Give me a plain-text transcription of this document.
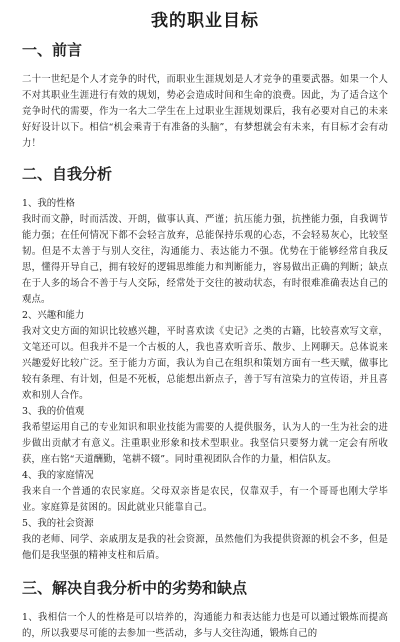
我的职业目标
一、前言

二十一世纪是个人才竞争的时代，而职业生涯规划是人才竞争的重要武器。如果一个人不对其职业生涯进行有效的规划，势必会造成时间和生命的浪费。因此，为了适合这个竞争时代的需要，作为一名大二学生在上过职业生涯规划课后，我有必要对自己的未来好好设计以下。相信“机会乘青于有准备的头脑”，有梦想就会有未来，有目标才会有动力！

二、自我分析

1、我的性格

我时而文静，时而活泼、开朗，做事认真、严谨；抗压能力强，抗挫能力强，自我调节能力强；在任何情况下都不会轻言放弃，总能保持乐观的心态，不会轻易灰心，比较坚韧。但是不太善于与别人交往，沟通能力、表达能力不强。优势在于能够经常自我反思，懂得开导自己，拥有较好的逻辑思维能力和判断能力，容易做出正确的判断；缺点在于人多的场合不善于与人交际，经常处于交往的被动状态，有时很难准确表达自己的观点。

2、兴趣和能力

我对文史方面的知识比较感兴趣，平时喜欢读《史记》之类的古籍，比较喜欢写文章，文笔还可以。但我并不是一个古板的人，我也喜欢听音乐、散步、上网聊天。总体说来兴趣爱好比较广泛。至于能力方面，我认为自己在组织和策划方面有一些天赋，做事比较有条理、有计划，但是不死板，总能想出新点子，善于写有渲染力的宣传语，并且喜欢和别人合作。

3、我的价值观

我希望运用自己的专业知识和职业技能为需要的人提供服务，认为人的一生为社会的进步做出贡献才有意义。注重职业形象和技术型职业。我坚信只要努力就一定会有所收获，座右铭“天道酬勤，笔耕不辍”。同时重视团队合作的力量，相信队友。

4、我的家庭情况

我来自一个普通的农民家庭。父母双亲皆是农民，仅靠双手，有一个哥哥也刚大学毕业。家庭算是贫困的。因此就业只能靠自己。

5、我的社会资源

我的老师、同学、亲戚朋友是我的社会资源，虽然他们为我提供资源的机会不多，但是他们是我坚强的精神支柱和后盾。

三、解决自我分析中的劣势和缺点

1、我相信一个人的性格是可以培养的，沟通能力和表达能力也是可以通过锻炼而提高的，所以我要尽可能的去参加一些活动，多与人交往沟通，锻炼自己的
